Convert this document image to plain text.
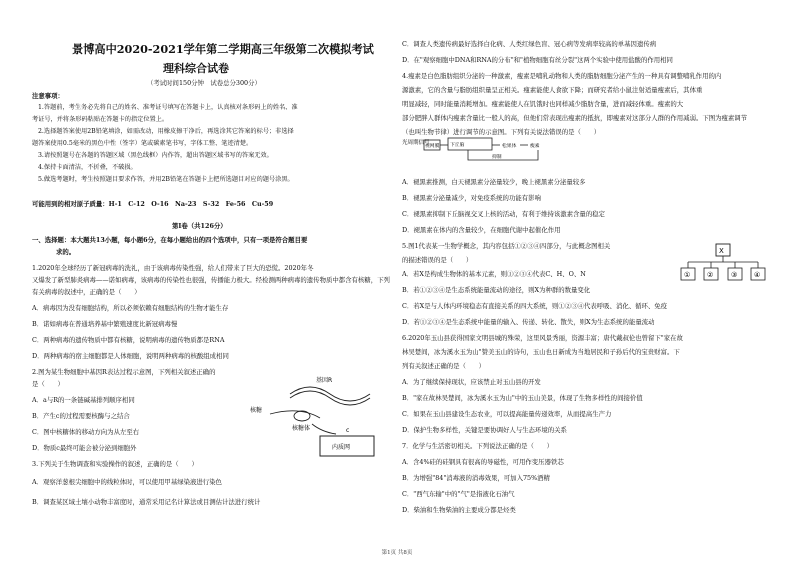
景博高中2020-2021学年第二学期高三年级第二次模拟考试
理科综合试卷
（考试时间150分钟　试卷总分300分）
注意事项：
1.答题前，考生务必先将自己的姓名、准考证号填写在答题卡上，认真核对条形码上的姓名、准
考证号，并将条形码粘贴在答题卡的指定位置上。
2.选择题答案使用2B铅笔填涂，如需改动，用橡皮擦干净后，再选涂其它答案的标号；非选择
题答案使用0.5毫米的黑色中性（签字）笔或碳素笔书写，字体工整、笔迹清楚。
3.请按照题号在各题的答题区域（黑色线框）内作答，超出答题区域书写的答案无效。
4.保持卡面清洁，不折叠，不破损。
5.做选考题时，考生按照题目要求作答，并用2B铅笔在答题卡上把所选题目对应的题号涂黑。
可能用到的相对原子质量：H-1　C-12　O-16　Na-23　S-32　Fe-56　Cu-59
第Ⅰ卷（共126分）
一、选择题：本大题共13小题，每小题6分，在每小题给出的四个选项中，只有一项是符合题目要
求的。
1.2020年全球经历了新冠病毒的洗礼，由于该病毒传染性强，给人们带来了巨大的恐慌。2020年冬
又爆发了新型肺炎病毒——诺如病毒，该病毒的传染性也很强，传播能力极大。经检测两种病毒的遗传物质中都含有核糖，下列
有关病毒的叙述中，正确的是（　　）
A．病毒因为没有细胞结构，所以必须依赖有细胞结构的生物才能生存
B．诺如病毒在普通培养基中繁殖速度比新冠病毒慢
C．两种病毒的遗传物质中都有核糖，说明病毒的遗传物质都是RNA
D．两种病毒的宿主细胞都是人体细胞，说明两种病毒的核酸组成相同
2.图为某生物细胞中基因R表达过程示意图，下列相关叙述正确的
是（　　）
A．a与R的一条链碱基排列顺序相同
B．产生c的过程需要核酶与之结合
C．图中核糖体的移动方向为从左至右
D．物质c最终可能会被分泌到细胞外
基因R
核糖
核糖体
内质网
c
3.下列关于生物调查和实验操作的叙述，正确的是（　　）
A．观察洋葱根尖细胞中的线粒体时，可以使用甲基绿染液进行染色
B．调查某区域土壤小动物丰富度时，通常采用记名计算法或目测估计法进行统计
C．调查人类遗传病最好选择白化病、人类红绿色盲、冠心病等发病率较高的单基因遗传病
D．在"观察细胞中DNA和RNA的分布"和"植物细胞有丝分裂"这两个实验中使用盐酸的作用相同
4.瘦素是白色脂肪组织分泌的一种激素，瘦素是哺乳动物和人类的脂肪细胞分泌产生的一种具有调整哺乳作用的内
源激素，它的含量与脂肪组织量呈正相关。瘦素能使人食欲下降；而研究者给小鼠注射适量瘦素后，其体重
明显减轻，同时能量消耗增加。瘦素能使人在饥饿时也同样减少脂肪含量，进而减轻体重。瘦素的大
部分肥胖人群体内瘦素含量比一般人的高，但他们常表现出瘦素的抵抗，即瘦素对这部分人群的作用减弱。下图为瘦素调节
（也叫生物节律）进行调节的示意图。下列有关说法错误的是（　　）
光周期信号
视网膜 下丘脑	松果体	瘦素
抑制
A．褪黑素推测，白天褪黑素分泌量较少，晚上褪黑素分泌量较多
B．褪黑素分泌量减少，对免疫系统的功能有影响
C．褪黑素抑制下丘脑视交叉上核的活动，有利于维持该激素含量的稳定
D．褪黑素在体内的含量较少，在细胞代谢中起催化作用
5.图1代表某一生物学概念，其内容包括①②③④四部分，与此概念图相关
的描述错误的是（　　）
X
① ②	③ ④
A．若X是构成生物体的基本元素，则①②③④代表C、H、O、N
B．若①②③④是生态系统能量流动的途径，则X为种群的数量变化
C．若X是与人体内环境稳态有直接关系的四大系统，则①②③④代表呼吸、消化、循环、免疫
D．若①②③④是生态系统中能量的输入、传递、转化、散失，则X为生态系统的能量流动
6.2020年玉山县获得国家文明县城的殊荣，这里风景秀丽，资源丰富；唐代戴叔伦也曾留下"家在故
林吴楚间，冰为溪水玉为山"赞美玉山的诗句，玉山也日新成为当地居民和子孙后代的宝贵财富。下
列有关叙述正确的是（　　）
A．为了继续保持现状，应该禁止对玉山县的开发
B．"家在故林吴楚间，冰为溪水玉为山"中的玉山美景，体现了生物多样性的间接价值
C．如果在玉山县建设生态农业，可以提高能量传递效率，从而提高生产力
D．保护生物多样性，关键是要协调好人与生态环境的关系
7．化学与生活密切相关。下列说法正确的是（　　）
A．含4%硅的硅钢具有很高的导磁性，可用作变压器铁芯
B．为增强"84"消毒液的消毒效果，可加入75%酒精
C．"西气东输"中的"气"是指液化石油气
D．柴油和生物柴油的主要成分都是烃类
第1页 共8页
